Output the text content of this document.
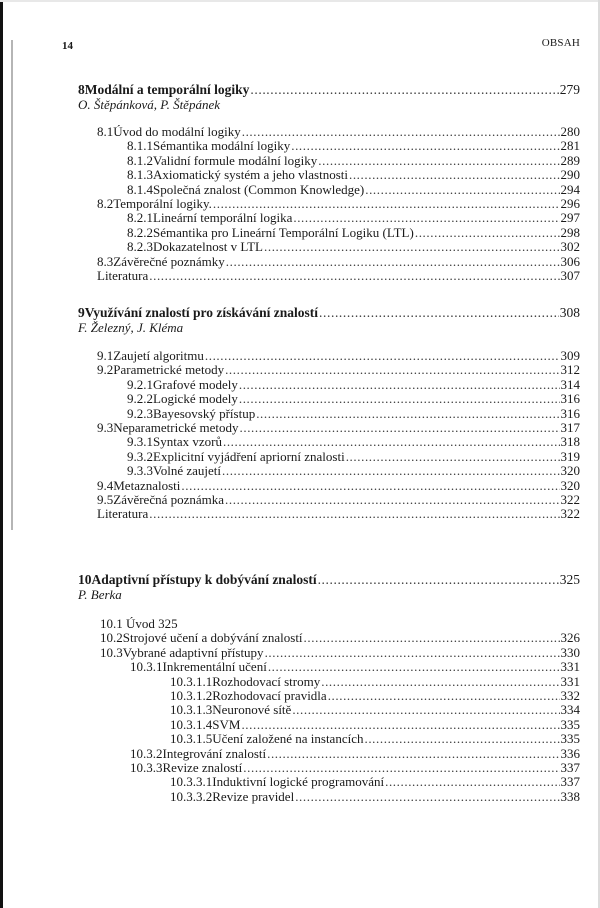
14	OBSAH
8 Modální a temporální logiky .....	279
O. Štěpánková, P. Štěpánek
8.1 Úvod do modální logiky .....	280
8.1.1 Sémantika modální logiky .....	281
8.1.2 Validní formule modální logiky .....	289
8.1.3 Axiomatický systém a jeho vlastnosti .....	290
8.1.4 Společná znalost (Common Knowledge) .....	294
8.2 Temporální logiky. .....	296
8.2.1 Lineární temporální logika .....	297
8.2.2 Sémantika pro Lineární Temporální Logiku (LTL) .....	298
8.2.3 Dokazatelnost v LTL .....	302
8.3 Závěrečné poznámky .....	306
Literatura .....	307
9 Využívání znalostí pro získávání znalostí .....	308
F. Železný, J. Kléma
9.1 Zaujetí algoritmu .....	309
9.2 Parametrické metody .....	312
9.2.1 Grafové modely .....	314
9.2.2 Logické modely .....	316
9.2.3 Bayesovský přístup .....	316
9.3 Neparametrické metody .....	317
9.3.1 Syntax vzorů .....	318
9.3.2 Explicitní vyjádření apriorní znalosti .....	319
9.3.3 Volné zaujetí .....	320
9.4 Metaznalosti .....	320
9.5 Závěrečná poznámka .....	322
Literatura .....	322
10 Adaptivní přístupy k dobývání znalostí .....	325
P. Berka
10.1 Úvod 325
10.2 Strojové učení a dobývání znalostí .....	326
10.3 Vybrané adaptivní přístupy .....	330
10.3.1 Inkrementální učení .....	331
10.3.1.1 Rozhodovací stromy .....	331
10.3.1.2 Rozhodovací pravidla .....	332
10.3.1.3 Neuronové sítě .....	334
10.3.1.4 SVM .....	335
10.3.1.5 Učení založené na instancích .....	335
10.3.2 Integrování znalostí .....	336
10.3.3 Revize znalostí .....	337
10.3.3.1 Induktivní logické programování .....	337
10.3.3.2 Revize pravidel .....	338
